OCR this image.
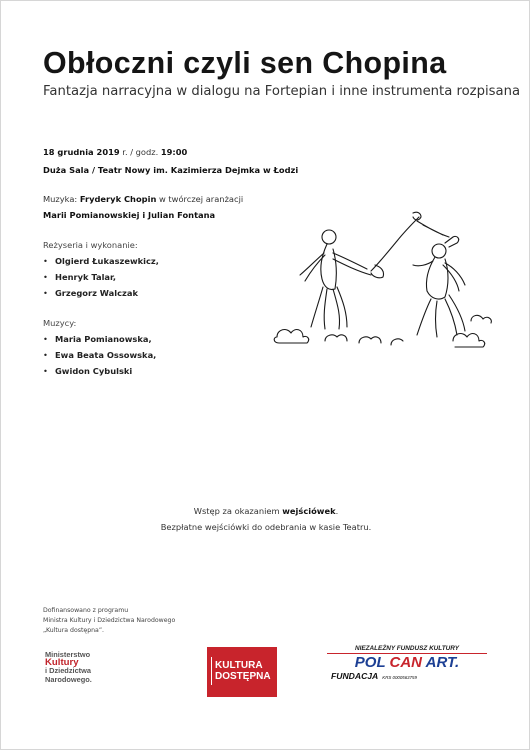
Obłoczni czyli sen Chopina
Fantazja narracyjna w dialogu na Fortepian i inne instrumenta rozpisana
18 grudnia 2019 r. / godz. 19:00
Duża Sala / Teatr Nowy im. Kazimierza Dejmka w Łodzi
Muzyka: Fryderyk Chopin w twórczej aranżacji
Marii Pomianowskiej i Julian Fontana
Reżyseria i wykonanie:
• Olgierd Łukaszewkicz,
• Henryk Talar,
• Grzegorz Walczak
Muzycy:
• Maria Pomianowska,
• Ewa Beata Ossowska,
• Gwidon Cybulski
Wstęp za okazaniem wejściówek.
Bezpłatne wejściówki do odebrania w kasie Teatru.
Dofinansowano z programu
Ministra Kultury i Dziedzictwa Narodowego
„Kultura dostępna”.
Ministerstwo
Kultury
i Dziedzictwa
Narodowego.
KULTURA
DOSTĘPNA
NIEZALEŻNY FUNDUSZ KULTURY
POL CAN ART.
FUNDACJA KRS 0000563759
